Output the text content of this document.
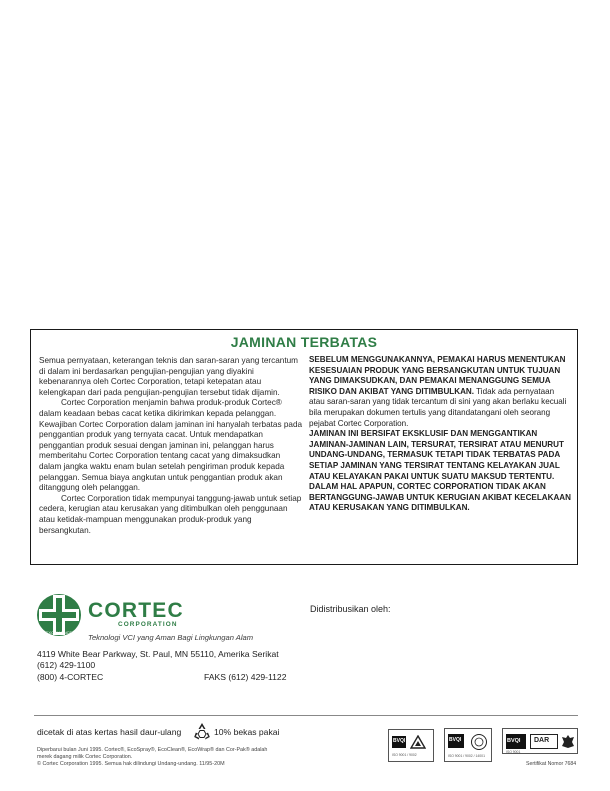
JAMINAN TERBATAS

Semua pernyataan, keterangan teknis dan saran-saran yang tercantum di dalam ini berdasarkan pengujian-pengujian yang diyakini kebenarannya oleh Cortec Corporation, tetapi ketepatan atau kelengkapan dari pada pengujian-pengujian tersebut tidak dijamin.

Cortec Corporation menjamin bahwa produk-produk Cortec® dalam keadaan bebas cacat ketika dikirimkan kepada pelanggan. Kewajiban Cortec Corporation dalam jaminan ini hanyalah terbatas pada penggantian produk yang ternyata cacat. Untuk mendapatkan penggantian produk sesuai dengan jaminan ini, pelanggan harus memberitahu Cortec Corporation tentang cacat yang dimaksudkan dalam jangka waktu enam bulan setelah pengiriman produk kepada pelanggan. Semua biaya angkutan untuk penggantian produk akan ditanggung oleh pelanggan.

Cortec Corporation tidak mempunyai tanggung-jawab untuk setiap cedera, kerugian atau kerusakan yang ditimbulkan oleh penggunaan atau ketidak-mampuan menggunakan produk-produk yang bersangkutan.

SEBELUM MENGGUNAKANNYA, PEMAKAI HARUS MENENTUKAN KESESUAIAN PRODUK YANG BERSANGKUTAN UNTUK TUJUAN YANG DIMAKSUDKAN, DAN PEMAKAI MENANGGUNG SEMUA RISIKO DAN AKIBAT YANG DITIMBULKAN. Tidak ada pernyataan atau saran-saran yang tidak tercantum di sini yang akan berlaku kecuali bila merupakan dokumen tertulis yang ditandatangani oleh seorang pejabat Cortec Corporation.

JAMINAN INI BERSIFAT EKSKLUSIF DAN MENGGANTIKAN JAMINAN-JAMINAN LAIN, TERSURAT, TERSIRAT ATAU MENURUT UNDANG-UNDANG, TERMASUK TETAPI TIDAK TERBATAS PADA SETIAP JAMINAN YANG TERSIRAT TENTANG KELAYAKAN JUAL ATAU KELAYAKAN PAKAI UNTUK SUATU MAKSUD TERTENTU. DALAM HAL APAPUN, CORTEC CORPORATION TIDAK AKAN BERTANGGUNG-JAWAB UNTUK KERUGIAN AKIBAT KECELAKAAN ATAU KERUSAKAN YANG DITIMBULKAN.

EXCELLENCE
CORTEC
CORPORATION
Teknologi VCI yang Aman Bagi Lingkungan Alam
Didistribusikan oleh:
4119 White Bear Parkway, St. Paul, MN 55110, Amerika Serikat
(612) 429-1100
(800) 4-CORTEC	FAKS (612) 429-1122
dicetak di atas kertas hasil daur-ulang	10% bekas pakai
Diperbarui bulan Juni 1995. Cortec®, EcoSpray®, EcoClean®, EcoWrap® dan Cor-Pak® adalah
merek dagang milik Cortec Corporation.
© Cortec Corporation 1995. Semua hak dilindungi Undang-undang. 11/95-20M
BVQI
ISO 9001 / 9002
BVQI
ISO 9001 / 9002 / 14001
BVQI DAR
ISO 9001
Sertifikat Nomor 7684
